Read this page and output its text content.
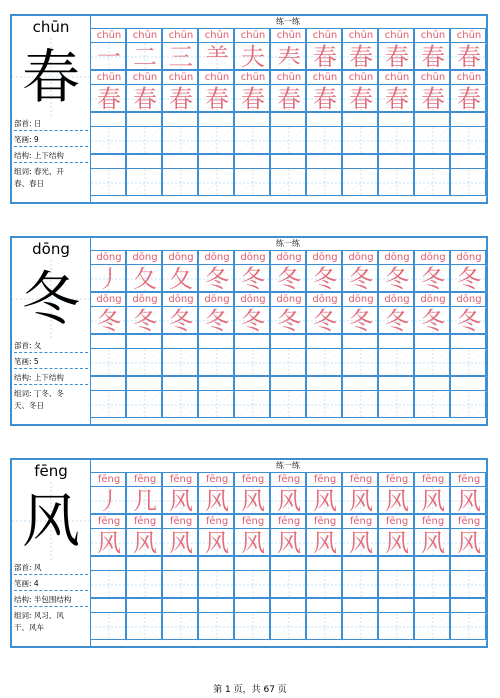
chūn
春
部首: 日
笔画: 9
结构: 上下结构
组词: 春光、开
春、春日
练一练
chūn
一
chūn
二
chūn
三
chūn
⺷
chūn
夫
chūn
𡗗
chūn
春
chūn
春
chūn
春
chūn
春
chūn
春
chūn
春
chūn
春
chūn
春
chūn
春
chūn
春
chūn
春
chūn
春
chūn
春
chūn
春
chūn
春
chūn
春
dōng
冬
部首: 夂
笔画: 5
结构: 上下结构
组词: 丁冬、冬
天、冬日
练一练
dōng
丿
dōng
夂
dōng
夂
dōng
冬
dōng
冬
dōng
冬
dōng
冬
dōng
冬
dōng
冬
dōng
冬
dōng
冬
dōng
冬
dōng
冬
dōng
冬
dōng
冬
dōng
冬
dōng
冬
dōng
冬
dōng
冬
dōng
冬
dōng
冬
dōng
冬
fēng
风
部首: 风
笔画: 4
结构: 半包围结构
组词: 风习、风
干、风车
练一练
fēng
丿
fēng
几
fēng
风
fēng
风
fēng
风
fēng
风
fēng
风
fēng
风
fēng
风
fēng
风
fēng
风
fēng
风
fēng
风
fēng
风
fēng
风
fēng
风
fēng
风
fēng
风
fēng
风
fēng
风
fēng
风
fēng
风
第 1 页，共 67 页
